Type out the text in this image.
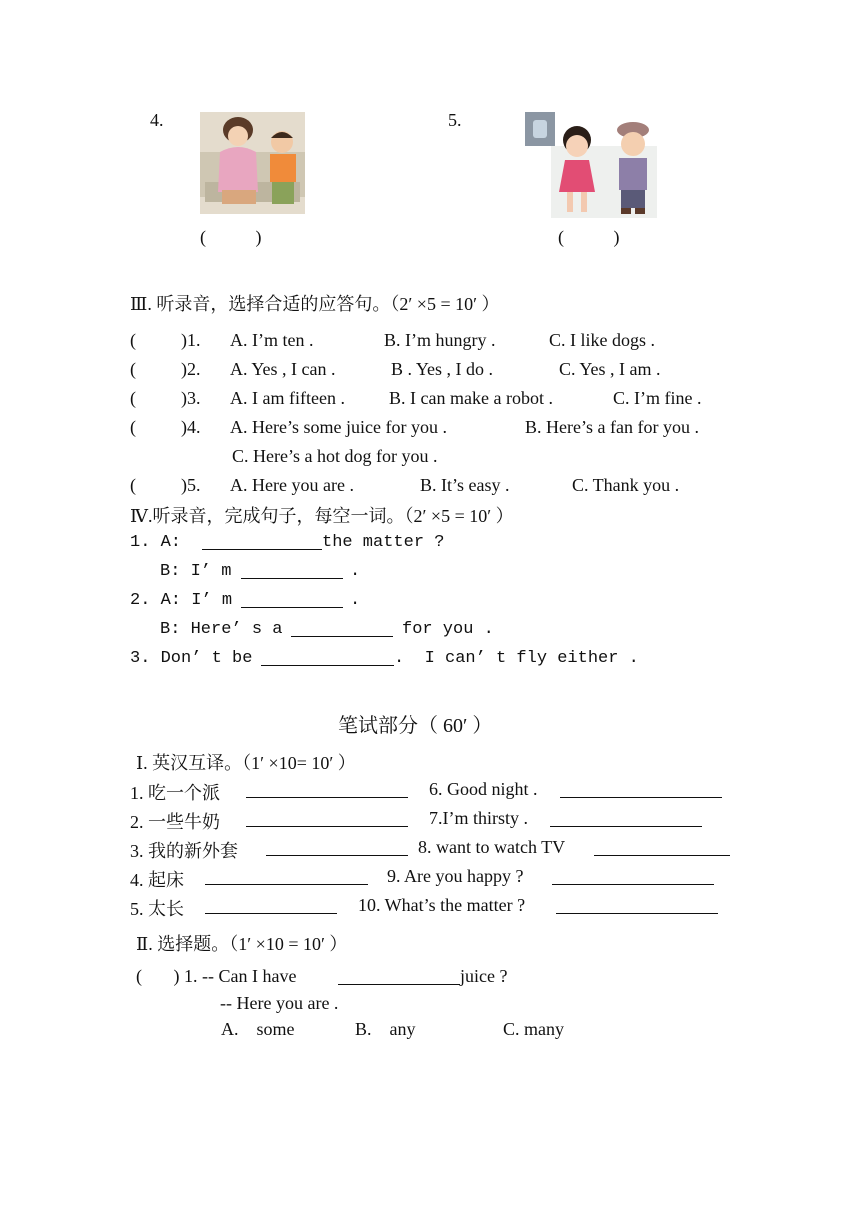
4.	5.
(           )	(           )
Ⅲ. 听录音，选择合适的应答句。（2′ ×5 = 10′ ）
(          )1. A. I’m ten .	B. I’m hungry .	C. I like dogs .
(          )2. A. Yes , I can .	B . Yes , I do .	C. Yes , I am .
(          )3. A. I am fifteen . B. I can make a robot .	C. I’m fine .
(          )4. A. Here’s some juice for you .	B. Here’s a fan for you .
C. Here’s a hot dog for you .
(          )5. A. Here you are .	B. It’s easy .	C. Thank you .
Ⅳ.听录音，完成句子，每空一词。（2′ ×5 = 10′ ）
1. A:	the matter ?
B: I’ m	.
2. A: I’ m	.
B: Here’ s a	for you .
3. Don’ t be	.  I can’ t fly either .
笔试部分（ 60′ ）
Ⅰ. 英汉互译。（1′ ×10= 10′ ）
1. 吃一个派	6. Good night .
2. 一些牛奶	7.I’m thirsty .
3. 我的新外套	8. want to watch TV
4. 起床	9. Are you happy ?
5. 太长	10. What’s the matter ?
Ⅱ. 选择题。（1′ ×10 = 10′ ）
(       ) 1. -- Can I have	juice ?
-- Here you are .
A.    some	B.    any	C. many
